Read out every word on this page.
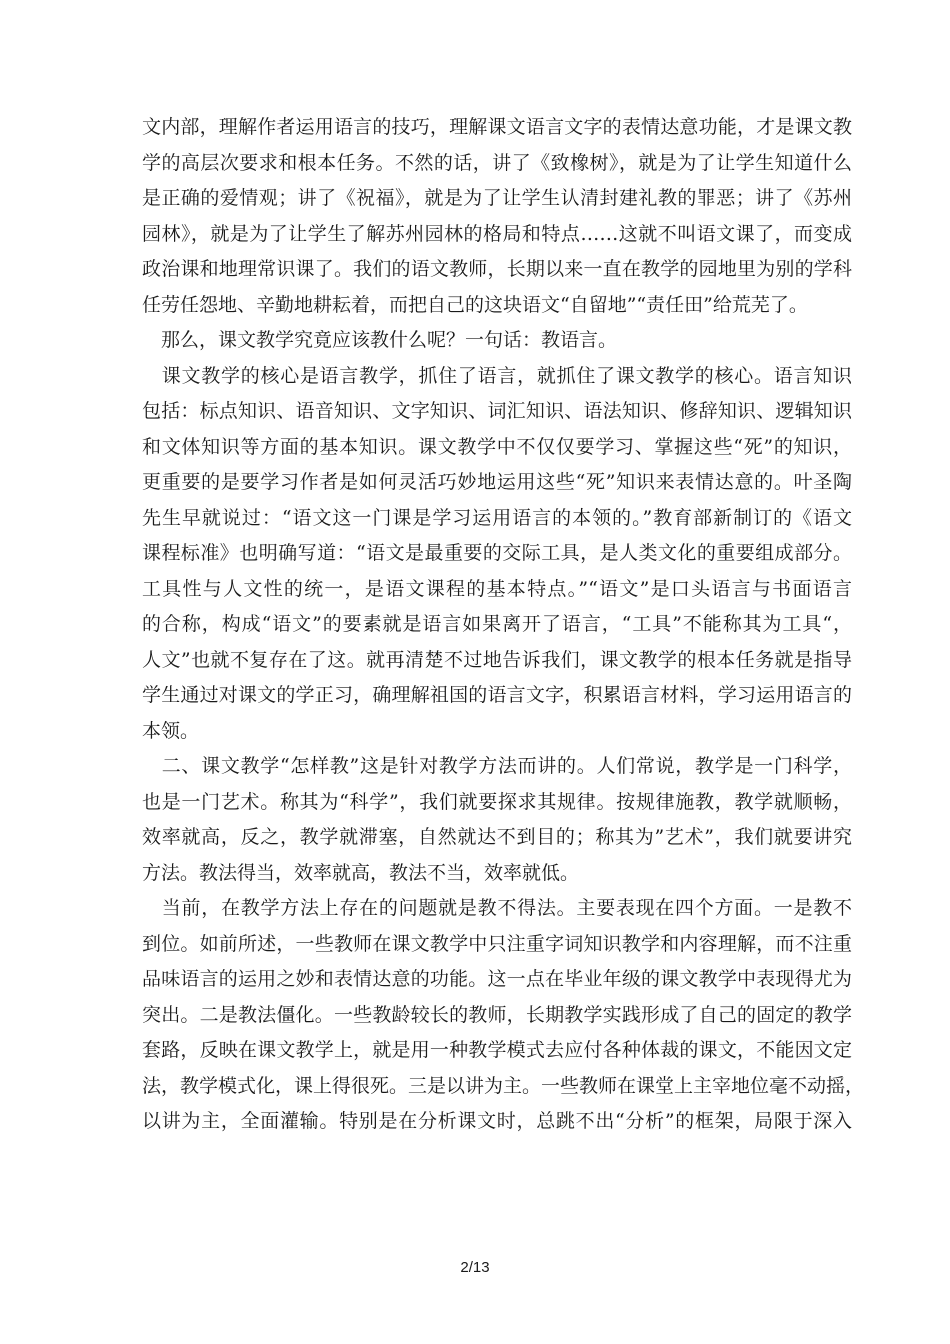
文内部，理解作者运用语言的技巧，理解课文语言文字的表情达意功能，才是课文教
学的高层次要求和根本任务。不然的话，讲了《致橡树》，就是为了让学生知道什么
是正确的爱情观；讲了《祝福》，就是为了让学生认清封建礼教的罪恶；讲了《苏州
园林》，就是为了让学生了解苏州园林的格局和特点……这就不叫语文课了，而变成
政治课和地理常识课了。我们的语文教师，长期以来一直在教学的园地里为别的学科
任劳任怨地、辛勤地耕耘着，而把自己的这块语文“自留地”“责任田”给荒芜了。
　那么，课文教学究竟应该教什么呢？一句话：教语言。
　课文教学的核心是语言教学，抓住了语言，就抓住了课文教学的核心。语言知识
包括：标点知识、语音知识、文字知识、词汇知识、语法知识、修辞知识、逻辑知识
和文体知识等方面的基本知识。课文教学中不仅仅要学习、掌握这些“死”的知识，
更重要的是要学习作者是如何灵活巧妙地运用这些“死”知识来表情达意的。叶圣陶
先生早就说过：“语文这一门课是学习运用语言的本领的。”教育部新制订的《语文
课程标准》也明确写道：“语文是最重要的交际工具，是人类文化的重要组成部分。
工具性与人文性的统一，是语文课程的基本特点。”“语文”是口头语言与书面语言
的合称，构成“语文”的要素就是语言如果离开了语言，“工具”不能称其为工具“，
人文”也就不复存在了这。就再清楚不过地告诉我们，课文教学的根本任务就是指导
学生通过对课文的学正习，确理解祖国的语言文字，积累语言材料，学习运用语言的
本领。
　二、课文教学“怎样教”这是针对教学方法而讲的。人们常说，教学是一门科学，
也是一门艺术。称其为“科学”，我们就要探求其规律。按规律施教，教学就顺畅，
效率就高，反之，教学就滞塞，自然就达不到目的；称其为”艺术”，我们就要讲究
方法。教法得当，效率就高，教法不当，效率就低。
　当前，在教学方法上存在的问题就是教不得法。主要表现在四个方面。一是教不
到位。如前所述，一些教师在课文教学中只注重字词知识教学和内容理解，而不注重
品味语言的运用之妙和表情达意的功能。这一点在毕业年级的课文教学中表现得尤为
突出。二是教法僵化。一些教龄较长的教师，长期教学实践形成了自己的固定的教学
套路，反映在课文教学上，就是用一种教学模式去应付各种体裁的课文，不能因文定
法，教学模式化，课上得很死。三是以讲为主。一些教师在课堂上主宰地位毫不动摇，
以讲为主，全面灌输。特别是在分析课文时，总跳不出“分析”的框架，局限于深入
2/13
